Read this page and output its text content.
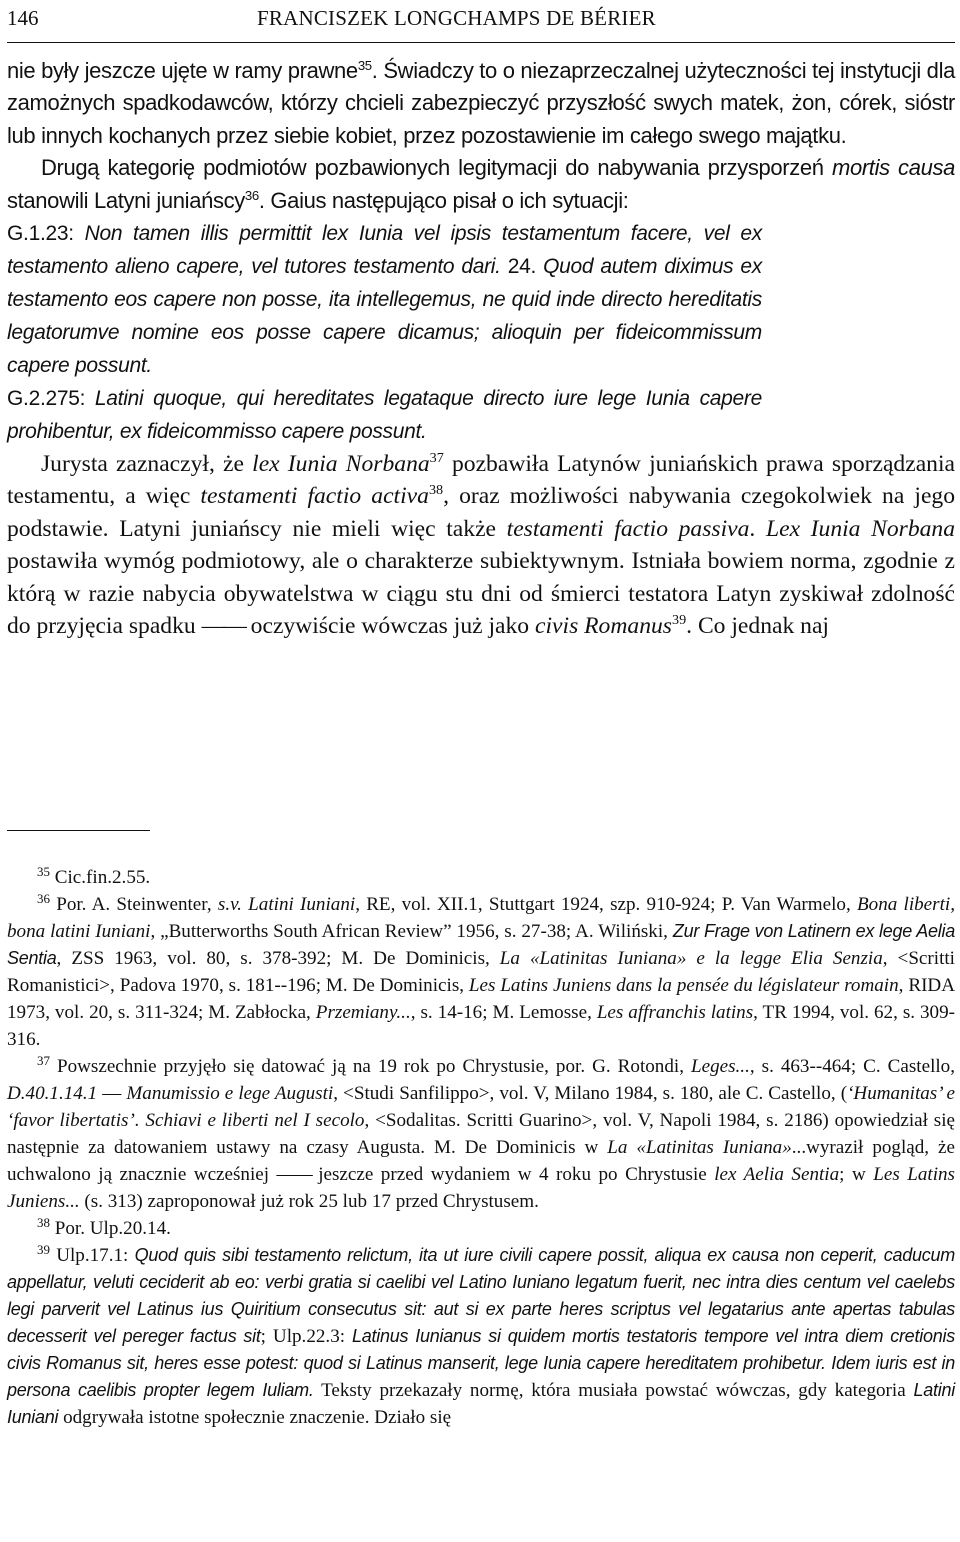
146	FRANCISZEK LONGCHAMPS DE BÉRIER

nie były jeszcze ujęte w ramy prawne$^{35}$. Świadczy to o niezaprzeczalnej użyteczności tej instytucji dla zamożnych spadkodawców, którzy chcieli zabezpieczyć przyszłość swych matek, żon, córek, sióstr lub innych kochanych przez siebie kobiet, przez pozostawienie im całego swego majątku.

Drugą kategorię podmiotów pozbawionych legitymacji do nabywania przysporzeń mortis causa stanowili Latyni juniańscy$^{36}$. Gaius następująco pisał o ich sytuacji:

G.1.23: Non tamen illis permittit lex Iunia vel ipsis testamentum facere, vel ex testamento alieno capere, vel tutores testamento dari. 24. Quod autem diximus ex testamento eos capere non posse, ita intellegemus, ne quid inde directo hereditatis legatorumve nomine eos posse capere dicamus; alioquin per fideicommissum capere possunt.

G.2.275: Latini quoque, qui hereditates legataque directo iure lege Iunia capere prohibentur, ex fideicommisso capere possunt.

Jurysta zaznaczył, że lex Iunia Norbana$^{37}$ pozbawiła Latynów juniańskich prawa sporządzania testamentu, a więc testamenti factio activa$^{38}$, oraz możliwości nabywania czegokolwiek na jego podstawie. Latyni juniańscy nie mieli więc także testamenti factio passiva. Lex Iunia Norbana postawiła wymóg podmiotowy, ale o charakterze subiektywnym. Istniała bowiem norma, zgodnie z którą w razie nabycia obywatelstwa w ciągu stu dni od śmierci testatora Latyn zyskiwał zdolność do przyjęcia spadku —— oczywiście wówczas już jako civis Romanus$^{39}$. Co jednak naj

$^{35}$ Cic.fin.2.55.

$^{36}$ Por. A. Steinwenter, s.v. Latini Iuniani, RE, vol. XII.1, Stuttgart 1924, szp. 910-924; P. Van Warmelo, Bona liberti, bona latini Iuniani, „Butterworths South African Review” 1956, s. 27-38; A. Wiliński, Zur Frage von Latinern ex lege Aelia Sentia, ZSS 1963, vol. 80, s. 378-392; M. De Dominicis, La «Latinitas Iuniana» e la legge Elia Senzia, <Scritti Romanistici>, Padova 1970, s. 181--196; M. De Dominicis, Les Latins Juniens dans la pensée du législateur romain, RIDA 1973, vol. 20, s. 311-324; M. Zabłocka, Przemiany..., s. 14-16; M. Lemosse, Les affranchis latins, TR 1994, vol. 62, s. 309-316.

$^{37}$ Powszechnie przyjęło się datować ją na 19 rok po Chrystusie, por. G. Rotondi, Leges..., s. 463--464; C. Castello, D.40.1.14.1 — Manumissio e lege Augusti, <Studi Sanfilippo>, vol. V, Milano 1984, s. 180, ale C. Castello, (‘Humanitas’ e ‘favor libertatis’. Schiavi e liberti nel I secolo, <Sodalitas. Scritti Guarino>, vol. V, Napoli 1984, s. 2186) opowiedział się następnie za datowaniem ustawy na czasy Augusta. M. De Dominicis w La «Latinitas Iuniana»...wyraził pogląd, że uchwalono ją znacznie wcześniej —— jeszcze przed wydaniem w 4 roku po Chrystusie lex Aelia Sentia; w Les Latins Juniens... (s. 313) zaproponował już rok 25 lub 17 przed Chrystusem.

$^{38}$ Por. Ulp.20.14.

$^{39}$ Ulp.17.1: Quod quis sibi testamento relictum, ita ut iure civili capere possit, aliqua ex causa non ceperit, caducum appellatur, veluti ceciderit ab eo: verbi gratia si caelibi vel Latino Iuniano legatum fuerit, nec intra dies centum vel caelebs legi parverit vel Latinus ius Quiritium consecutus sit: aut si ex parte heres scriptus vel legatarius ante apertas tabulas decesserit vel pereger factus sit; Ulp.22.3: Latinus Iunianus si quidem mortis testatoris tempore vel intra diem cretionis civis Romanus sit, heres esse potest: quod si Latinus manserit, lege Iunia capere hereditatem prohibetur. Idem iuris est in persona caelibis propter legem Iuliam. Teksty przekazały normę, która musiała powstać wówczas, gdy kategoria Latini Iuniani odgrywała istotne społecznie znaczenie. Działo się
